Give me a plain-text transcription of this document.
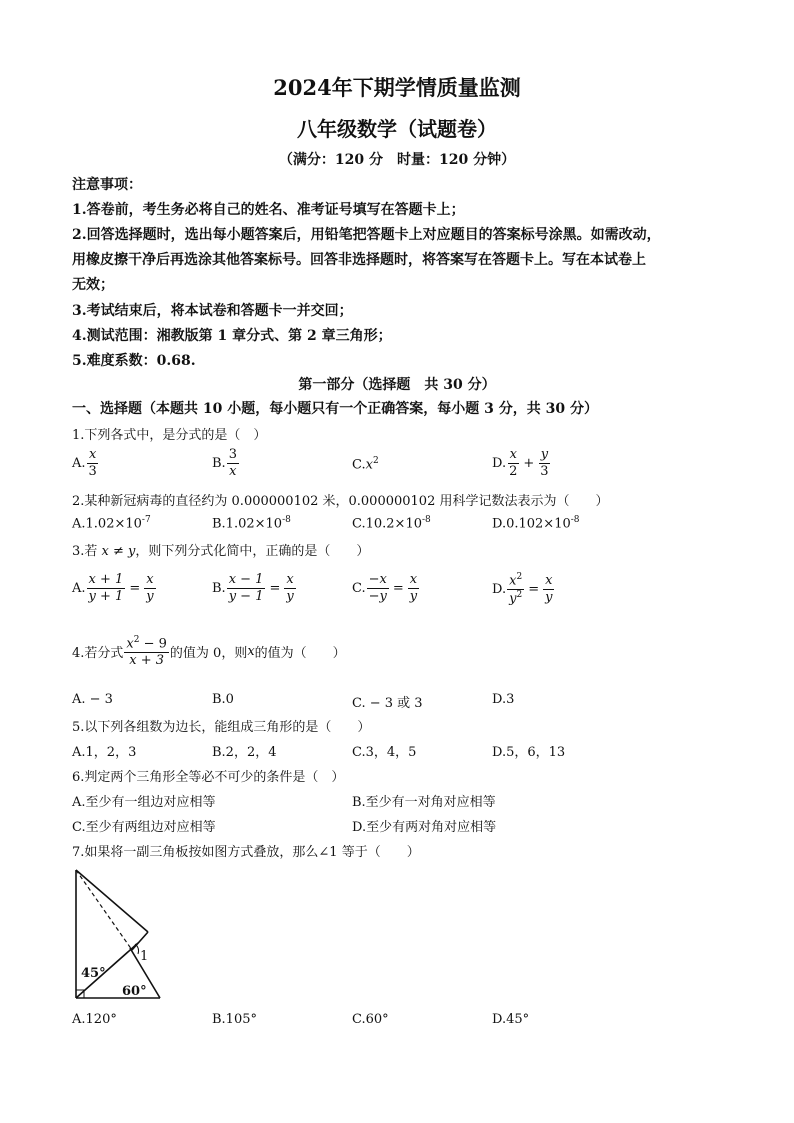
2024年下期学情质量监测
八年级数学（试题卷）
（满分：120 分　时量：120 分钟）
注意事项：
1.答卷前，考生务必将自己的姓名、准考证号填写在答题卡上；
2.回答选择题时，选出每小题答案后，用铅笔把答题卡上对应题目的答案标号涂黑。如需改动，
用橡皮擦干净后再选涂其他答案标号。回答非选择题时，将答案写在答题卡上。写在本试卷上
无效；
3.考试结束后，将本试卷和答题卡一并交回；
4.测试范围：湘教版第 1 章分式、第 2 章三角形；
5.难度系数：0.68.
第一部分（选择题　共 30 分）
一、选择题（本题共 10 小题，每小题只有一个正确答案，每小题 3 分，共 30 分）
1.下列各式中，是分式的是（　）
A. $\frac{x}{3}$	B. $\frac{3}{x}$	$C.x^2$	D. $\frac{x}{2} + \frac{y}{3}$
2.某种新冠病毒的直径约为 0.000000102 米，0.000000102 用科学记数法表示为（　　）
$A.1.02\times 10^{-7}$	$B.1.02\times 10^{-8}$	$C.10.2\times 10^{-8}$	$D.0.102\times 10^{-8}$
3.若 x ≠ y，则下列分式化简中，正确的是（　　）
A. $\frac{x + 1}{y + 1} = \frac{x}{y}$	B. $\frac{x - 1}{y - 1} = \frac{x}{y}$	C. $\frac{-x}{-y} = \frac{x}{y}$	D. $\frac{x^2}{y^2} = \frac{x}{y}$
4.若分式 $\frac{x^2 - 9}{x + 3}$ 的值为 0，则x的值为（　　）
A. − 3	B.0	C. − 3 或 3	D.3
5.以下列各组数为边长，能组成三角形的是（　　）
A.1，2，3	B.2，2，4	C.3，4，5	D.5，6，13
6.判定两个三角形全等必不可少的条件是（　）
A.至少有一组边对应相等	B.至少有一对角对应相等
C.至少有两组边对应相等	D.至少有两对角对应相等
7.如果将一副三角板按如图方式叠放，那么∠1 等于（　　）
1
45°
60°
A.120°	B.105°	C.60°	D.45°
